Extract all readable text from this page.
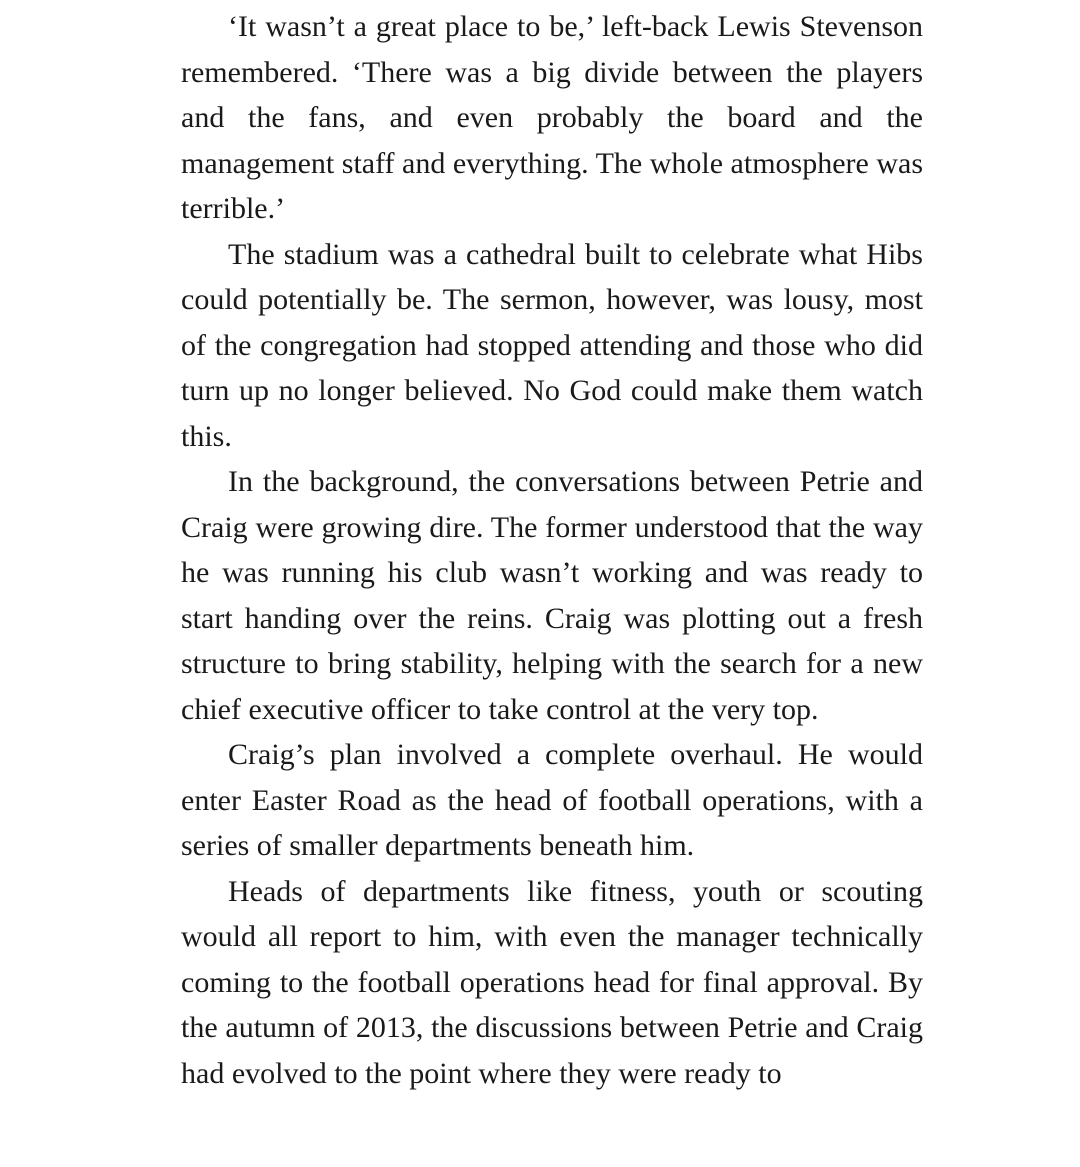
‘It wasn’t a great place to be,’ left-back Lewis Stevenson remembered. ‘There was a big divide between the players and the fans, and even probably the board and the management staff and everything. The whole atmosphere was terrible.’

The stadium was a cathedral built to celebrate what Hibs could potentially be. The sermon, however, was lousy, most of the congregation had stopped attending and those who did turn up no longer believed. No God could make them watch this.

In the background, the conversations between Petrie and Craig were growing dire. The former understood that the way he was running his club wasn’t working and was ready to start handing over the reins. Craig was plotting out a fresh structure to bring stability, helping with the search for a new chief executive officer to take control at the very top.

Craig’s plan involved a complete overhaul. He would enter Easter Road as the head of football operations, with a series of smaller departments beneath him.

Heads of departments like fitness, youth or scouting would all report to him, with even the manager technically coming to the football operations head for final approval. By the autumn of 2013, the discussions between Petrie and Craig had evolved to the point where they were ready to
